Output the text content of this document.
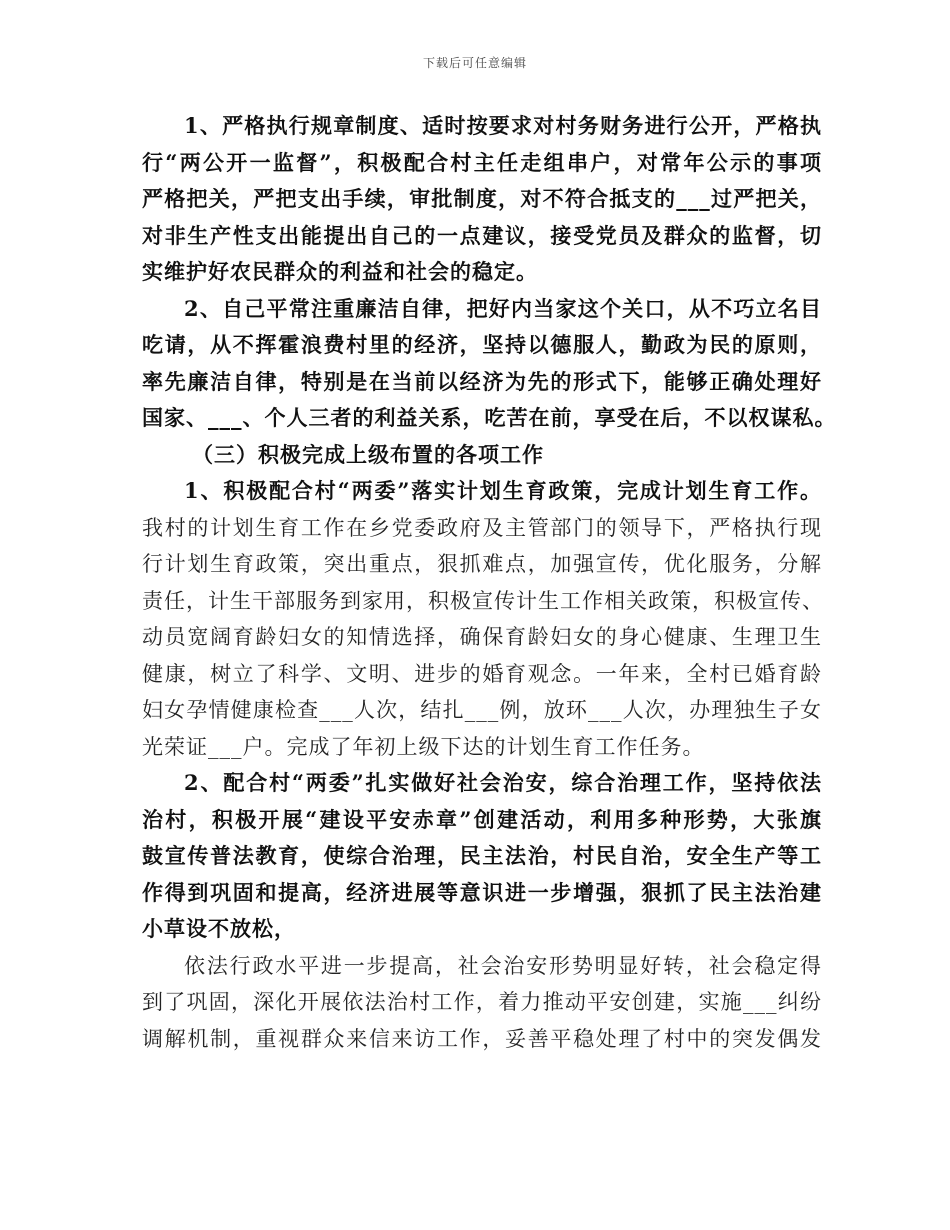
下载后可任意编辑
1、严格执行规章制度、适时按要求对村务财务进行公开，严格执
行“两公开一监督”，积极配合村主任走组串户，对常年公示的事项
严格把关，严把支出手续，审批制度，对不符合抵支的___过严把关，
对非生产性支出能提出自己的一点建议，接受党员及群众的监督，切
实维护好农民群众的利益和社会的稳定。
2、自己平常注重廉洁自律，把好内当家这个关口，从不巧立名目
吃请，从不挥霍浪费村里的经济，坚持以德服人，勤政为民的原则，
率先廉洁自律，特别是在当前以经济为先的形式下，能够正确处理好
国家、___、个人三者的利益关系，吃苦在前，享受在后，不以权谋私。
（三）积极完成上级布置的各项工作
1、积极配合村“两委”落实计划生育政策，完成计划生育工作。
我村的计划生育工作在乡党委政府及主管部门的领导下，严格执行现
行计划生育政策，突出重点，狠抓难点，加强宣传，优化服务，分解
责任，计生干部服务到家用，积极宣传计生工作相关政策，积极宣传、
动员宽阔育龄妇女的知情选择，确保育龄妇女的身心健康、生理卫生
健康，树立了科学、文明、进步的婚育观念。一年来，全村已婚育龄
妇女孕情健康检查___人次，结扎___例，放环___人次，办理独生子女
光荣证___户。完成了年初上级下达的计划生育工作任务。
2、配合村“两委”扎实做好社会治安，综合治理工作，坚持依法
治村，积极开展“建设平安赤章”创建活动，利用多种形势，大张旗
鼓宣传普法教育，使综合治理，民主法治，村民自治，安全生产等工
作得到巩固和提高，经济进展等意识进一步增强，狠抓了民主法治建
小草设不放松，
依法行政水平进一步提高，社会治安形势明显好转，社会稳定得
到了巩固，深化开展依法治村工作，着力推动平安创建，实施___纠纷
调解机制，重视群众来信来访工作，妥善平稳处理了村中的突发偶发
